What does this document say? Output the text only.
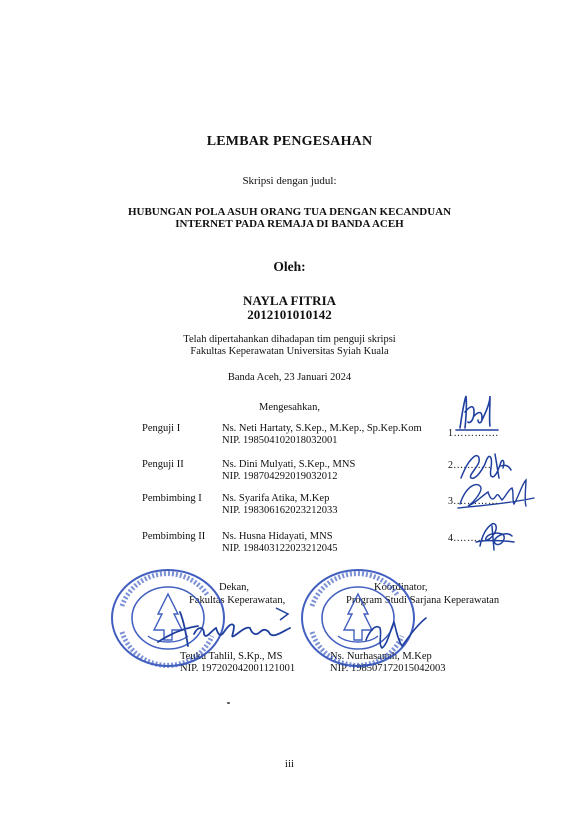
LEMBAR PENGESAHAN
Skripsi dengan judul:
HUBUNGAN POLA ASUH ORANG TUA DENGAN KECANDUAN
INTERNET PADA REMAJA DI BANDA ACEH
Oleh:
NAYLA FITRIA
2012101010142
Telah dipertahankan dihadapan tim penguji skripsi
Fakultas Keperawatan Universitas Syiah Kuala
Banda Aceh, 23 Januari 2024
Mengesahkan,
Penguji I	Ns. Neti Hartaty, S.Kep., M.Kep., Sp.Kep.Kom
NIP. 198504102018032001
1………….
Penguji II	Ns. Dini Mulyati, S.Kep., MNS
NIP. 198704292019032012
2.……….
Pembimbing I Ns. Syarifa Atika, M.Kep
NIP. 198306162023212033
3.…………
Pembimbing II Ns. Husna Hidayati, MNS
NIP. 198403122023212045
4.…………
Dekan,
Fakultas Keperawatan,
Teuku Tahlil, S.Kp., MS
NIP. 197202042001121001
Koordinator,
Program Studi Sarjana Keperawatan
Ns. Nurhasanah, M.Kep
NIP. 198507172015042003
iii
